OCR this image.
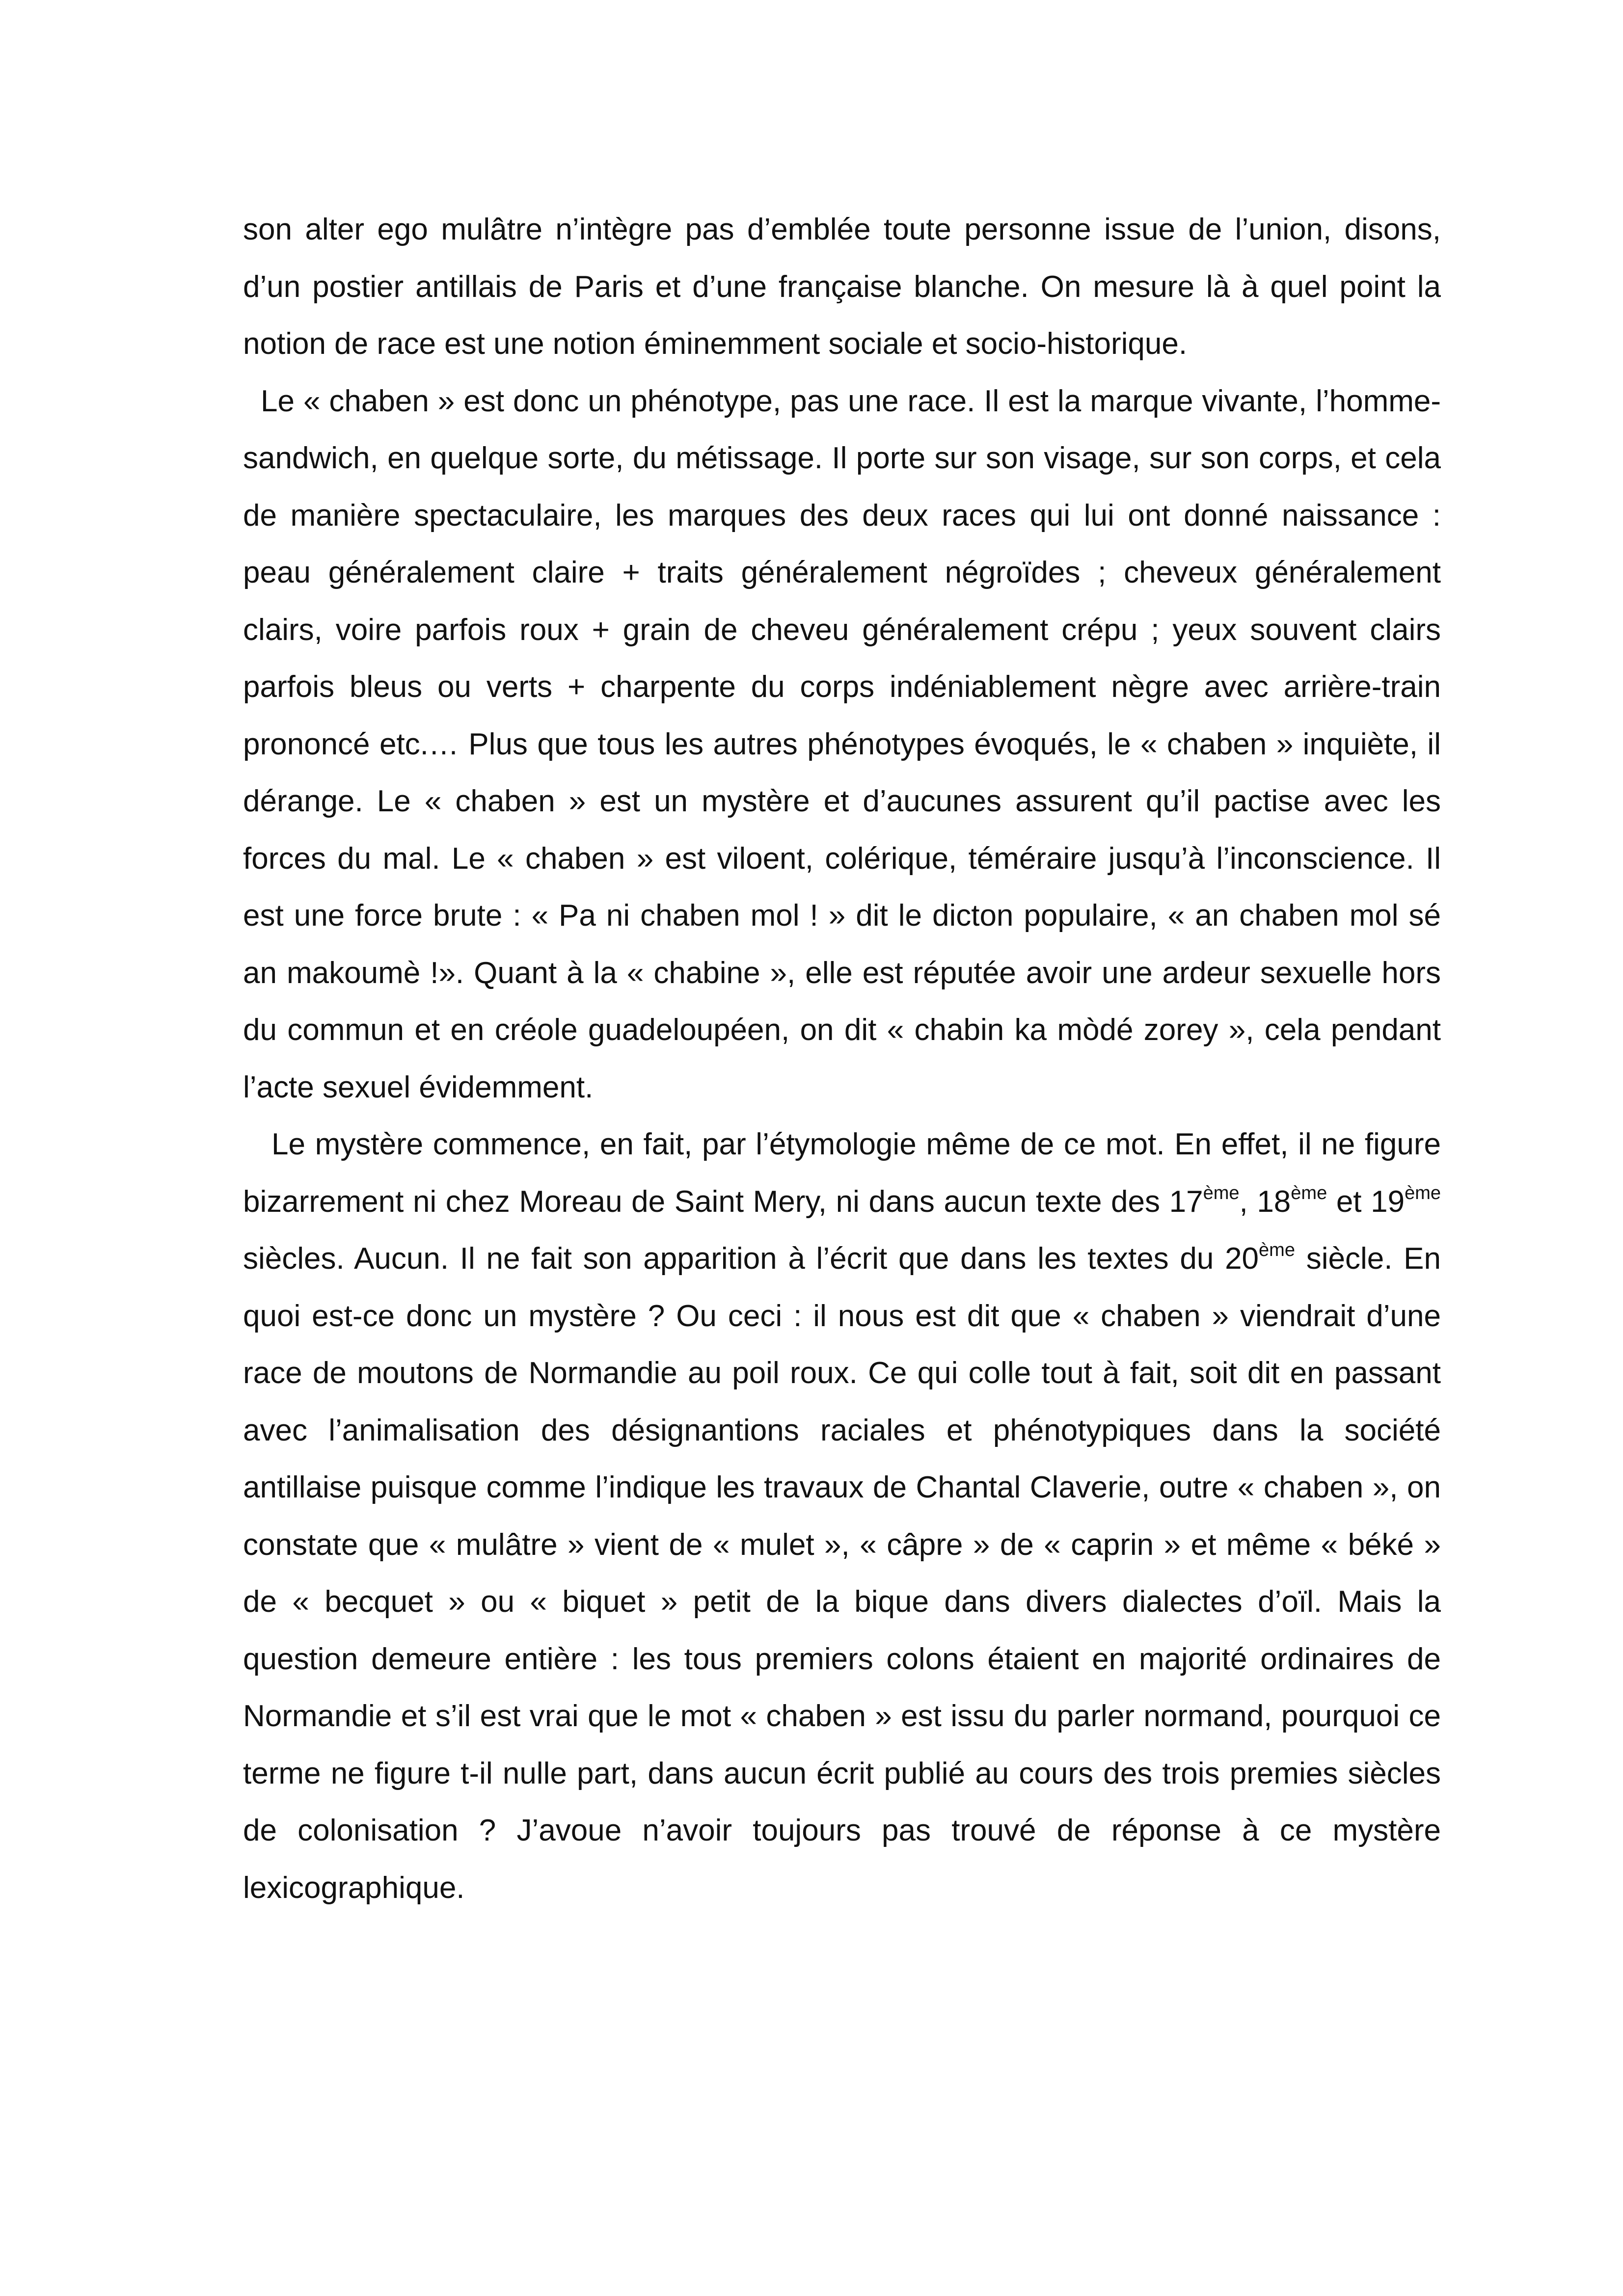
son alter ego mulâtre n’intègre pas d’emblée toute personne issue de l’union, disons, d’un postier antillais de Paris et d’une française blanche. On mesure là à quel point la notion de race est une notion éminemment sociale et socio-historique.

Le « chaben » est donc un phénotype, pas une race. Il est la marque vivante, l’homme-sandwich, en quelque sorte, du métissage. Il porte sur son visage, sur son corps, et cela de manière spectaculaire, les marques des deux races qui lui ont donné naissance : peau généralement claire + traits généralement négroïdes ; cheveux généralement clairs, voire parfois roux + grain de cheveu généralement crépu ; yeux souvent clairs parfois bleus ou verts + charpente du corps indéniablement nègre avec arrière-train prononcé etc.… Plus que tous les autres phénotypes évoqués, le « chaben » inquiète, il dérange. Le « chaben » est un mystère et d’aucunes assurent qu’il pactise avec les forces du mal. Le « chaben » est viloent, colérique, téméraire jusqu’à l’inconscience. Il est une force brute : « Pa ni chaben mol ! » dit le dicton populaire, « an chaben mol sé an makoumè !». Quant à la « chabine », elle est réputée avoir une ardeur sexuelle hors du commun et en créole guadeloupéen, on dit « chabin ka mòdé zorey », cela pendant l’acte sexuel évidemment.

Le mystère commence, en fait, par l’étymologie même de ce mot. En effet, il ne figure bizarrement ni chez Moreau de Saint Mery, ni dans aucun texte des 17ème, 18ème et 19ème siècles. Aucun. Il ne fait son apparition à l’écrit que dans les textes du 20ème siècle. En quoi est-ce donc un mystère ? Ou ceci : il nous est dit que « chaben » viendrait d’une race de moutons de Normandie au poil roux. Ce qui colle tout à fait, soit dit en passant avec l’animalisation des désignantions raciales et phénotypiques dans la société antillaise puisque comme l’indique les travaux de Chantal Claverie, outre « chaben », on constate que « mulâtre » vient de « mulet », « câpre » de « caprin » et même « béké » de « becquet » ou « biquet » petit de la bique dans divers dialectes d’oïl. Mais la question demeure entière : les tous premiers colons étaient en majorité ordinaires de Normandie et s’il est vrai que le mot « chaben » est issu du parler normand, pourquoi ce terme ne figure t-il nulle part, dans aucun écrit publié au cours des trois premies siècles de colonisation ? J’avoue n’avoir toujours pas trouvé de réponse à ce mystère lexicographique.
